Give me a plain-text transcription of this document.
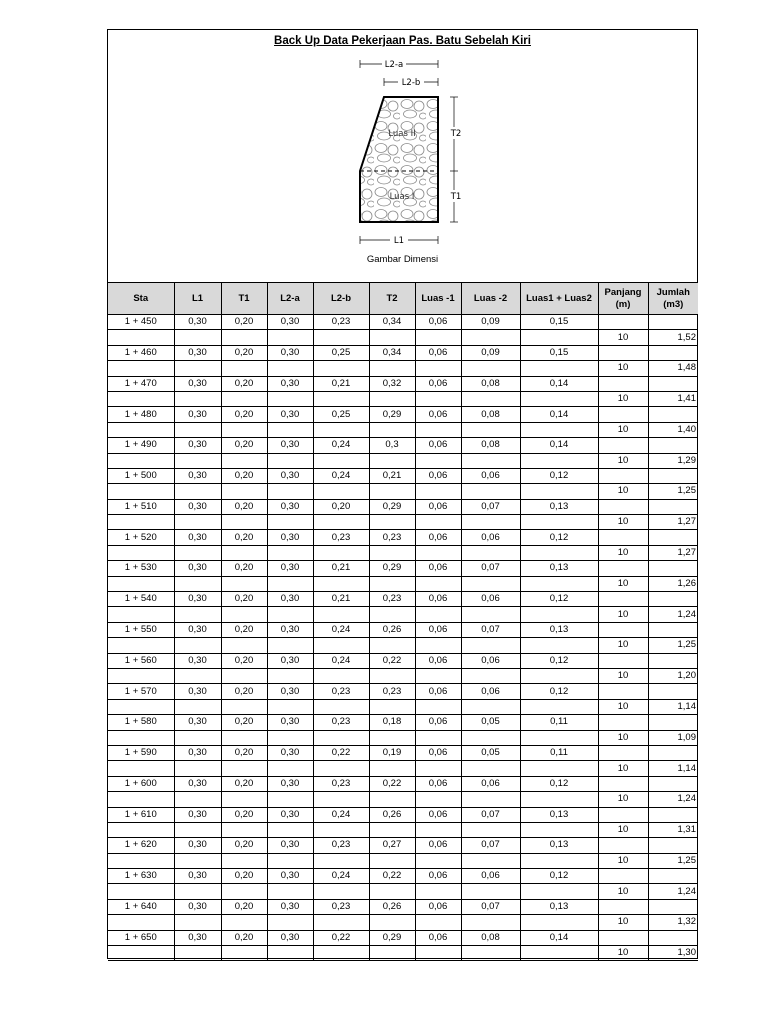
Back Up Data Pekerjaan Pas. Batu Sebelah Kiri
L2-a
L2-b
Luas II
Luas I
T2
T1
L1
Gambar Dimensi
Sta	L1	T1	L2-a	L2-b	T2	Luas -1	Luas -2	Luas1 + Luas2	Panjang (m)	Jumlah (m3)
1 + 450	0,30	0,20	0,30	0,23	0,34	0,06	0,09	0,15		
									10	1,52
1 + 460	0,30	0,20	0,30	0,25	0,34	0,06	0,09	0,15		
									10	1,48
1 + 470	0,30	0,20	0,30	0,21	0,32	0,06	0,08	0,14		
									10	1,41
1 + 480	0,30	0,20	0,30	0,25	0,29	0,06	0,08	0,14		
									10	1,40
1 + 490	0,30	0,20	0,30	0,24	0,3	0,06	0,08	0,14		
									10	1,29
1 + 500	0,30	0,20	0,30	0,24	0,21	0,06	0,06	0,12		
									10	1,25
1 + 510	0,30	0,20	0,30	0,20	0,29	0,06	0,07	0,13		
									10	1,27
1 + 520	0,30	0,20	0,30	0,23	0,23	0,06	0,06	0,12		
									10	1,27
1 + 530	0,30	0,20	0,30	0,21	0,29	0,06	0,07	0,13		
									10	1,26
1 + 540	0,30	0,20	0,30	0,21	0,23	0,06	0,06	0,12		
									10	1,24
1 + 550	0,30	0,20	0,30	0,24	0,26	0,06	0,07	0,13		
									10	1,25
1 + 560	0,30	0,20	0,30	0,24	0,22	0,06	0,06	0,12		
									10	1,20
1 + 570	0,30	0,20	0,30	0,23	0,23	0,06	0,06	0,12		
									10	1,14
1 + 580	0,30	0,20	0,30	0,23	0,18	0,06	0,05	0,11		
									10	1,09
1 + 590	0,30	0,20	0,30	0,22	0,19	0,06	0,05	0,11		
									10	1,14
1 + 600	0,30	0,20	0,30	0,23	0,22	0,06	0,06	0,12		
									10	1,24
1 + 610	0,30	0,20	0,30	0,24	0,26	0,06	0,07	0,13		
									10	1,31
1 + 620	0,30	0,20	0,30	0,23	0,27	0,06	0,07	0,13		
									10	1,25
1 + 630	0,30	0,20	0,30	0,24	0,22	0,06	0,06	0,12		
									10	1,24
1 + 640	0,30	0,20	0,30	0,23	0,26	0,06	0,07	0,13		
									10	1,32
1 + 650	0,30	0,20	0,30	0,22	0,29	0,06	0,08	0,14		
									10	1,30
